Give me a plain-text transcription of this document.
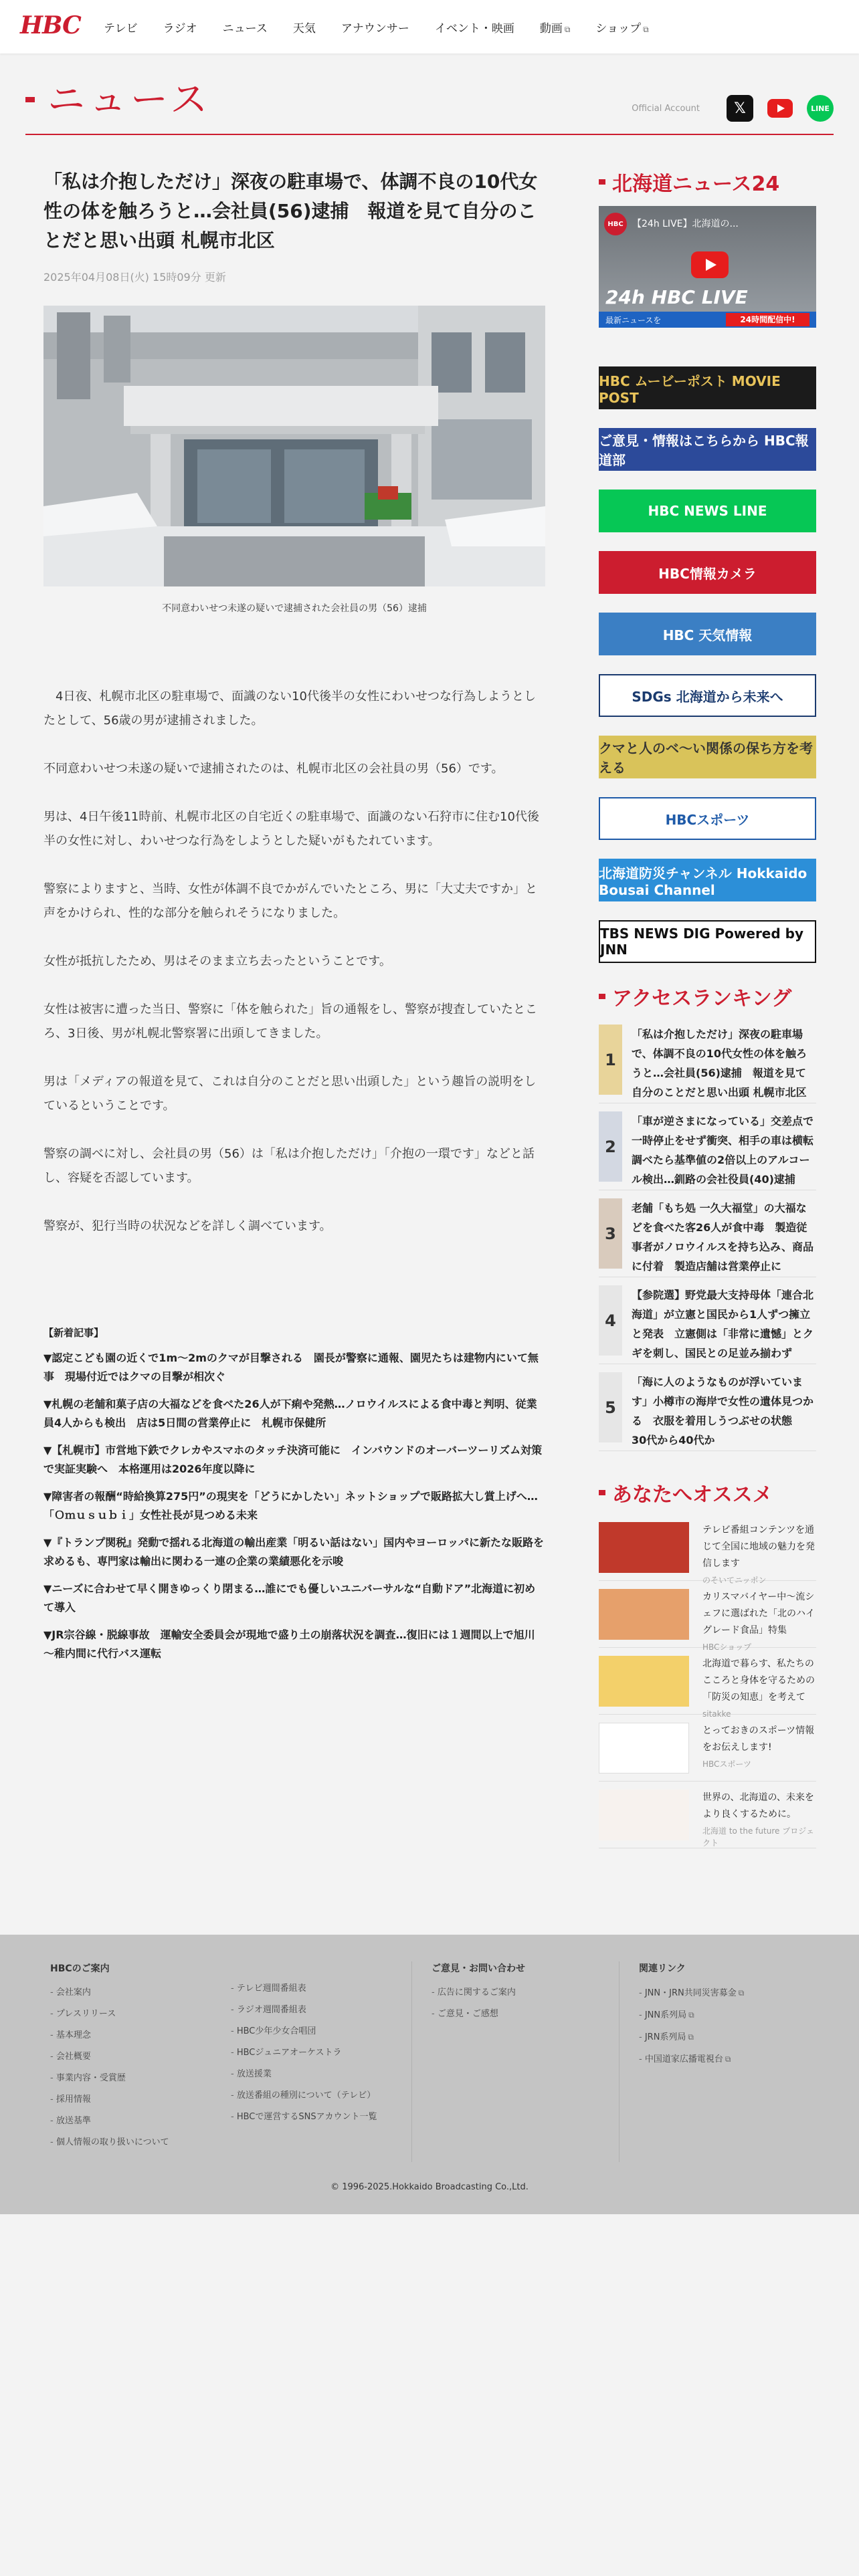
HBC テレビ ラジオ ニュース 天気 アナウンサー イベント・映画 動画 ⧉ ショップ ⧉
ニュース	Official Account	𝕏	LINE
「私は介抱しただけ」深夜の駐車場で、体調不良の10代女性の体を触ろうと…会社員(56)逮捕　報道を見て自分のことだと思い出頭 札幌市北区
2025年04月08日(火) 15時09分 更新
不同意わいせつ未遂の疑いで逮捕された会社員の男（56）逮捕

　4日夜、札幌市北区の駐車場で、面識のない10代後半の女性にわいせつな行為しようとしたとして、56歳の男が逮捕されました。

不同意わいせつ未遂の疑いで逮捕されたのは、札幌市北区の会社員の男（56）です。

男は、4日午後11時前、札幌市北区の自宅近くの駐車場で、面識のない石狩市に住む10代後半の女性に対し、わいせつな行為をしようとした疑いがもたれています。

警察によりますと、当時、女性が体調不良でかがんでいたところ、男に「大丈夫ですか」と声をかけられ、性的な部分を触られそうになりました。

女性が抵抗したため、男はそのまま立ち去ったということです。

女性は被害に遭った当日、警察に「体を触られた」旨の通報をし、警察が捜査していたところ、3日後、男が札幌北警察署に出頭してきました。

男は「メディアの報道を見て、これは自分のことだと思い出頭した」という趣旨の説明をしているということです。

警察の調べに対し、会社員の男（56）は「私は介抱しただけ」「介抱の一環です」などと話し、容疑を否認しています。

警察が、犯行当時の状況などを詳しく調べています。

【新着記事】
▼認定こども園の近くで1m～2mのクマが目撃される　園長が警察に通報、園児たちは建物内にいて無事　現場付近ではクマの目撃が相次ぐ
▼札幌の老舗和菓子店の大福などを食べた26人が下痢や発熱…ノロウイルスによる食中毒と判明、従業員4人からも検出　店は5日間の営業停止に　札幌市保健所
▼【札幌市】市営地下鉄でクレカやスマホのタッチ決済可能に　インバウンドのオーバーツーリズム対策で実証実験へ　本格運用は2026年度以降に
▼障害者の報酬“時給換算275円”の現実を「どうにかしたい」ネットショップで販路拡大し賞上げへ…「Ｏｍｕｓｕｂｉ」女性社長が見つめる未来
▼『トランプ関税』発動で揺れる北海道の輸出産業「明るい話はない」国内やヨーロッパに新たな販路を求めるも、専門家は輸出に関わる一連の企業の業績悪化を示唆
▼ニーズに合わせて早く開きゆっくり閉まる…誰にでも優しいユニバーサルな“自動ドア”北海道に初めて導入
▼JR宗谷線・脱線事故　運輸安全委員会が現地で盛り土の崩落状況を調査…復旧には１週間以上で旭川～稚内間に代行バス運転
北海道ニュース24
HBC 【24h LIVE】北海道の...
24h HBC LIVE
最新ニュースを	24時間配信中!
HBC ムービーポスト MOVIE POST
ご意見・情報はこちらから HBC報道部
HBC NEWS LINE
HBC情報カメラ
HBC 天気情報
SDGs 北海道から未来へ
クマと人のベ～い関係の保ち方を考える
HBCスポーツ
北海道防災チャンネル Hokkaido Bousai Channel
TBS NEWS DIG Powered by JNN
アクセスランキング
1
「私は介抱しただけ」深夜の駐車場で、体調不良の10代女性の体を触ろうと…会社員(56)逮捕　報道を見て自分のことだと思い出頭 札幌市北区
2
「車が逆さまになっている」交差点で一時停止をせず衝突、相手の車は横転 調べたら基準値の2倍以上のアルコール検出…釧路の会社役員(40)逮捕
3
老舗「もち処 一久大福堂」の大福などを食べた客26人が食中毒　製造従事者がノロウイルスを持ち込み、商品に付着　製造店舗は営業停止に
4
【参院選】野党最大支持母体「連合北海道」が立憲と国民から1人ずつ擁立と発表　立憲側は「非常に遺憾」とクギを刺し、国民との足並み揃わず
5
「海に人のようなものが浮いています」小樽市の海岸で女性の遺体見つかる　衣服を着用しうつぶせの状態　30代から40代か
あなたへオススメ
テレビ番組コンテンツを通じて全国に地域の魅力を発信します
のそいてニッポン
カリスマバイヤー中～流シェフに選ばれた「北のハイグレード食品」特集
HBCショップ
北海道で暮らす、私たちのこころと身体を守るための「防災の知恵」を考えて
sitakke
とっておきのスポーツ情報をお伝えします!
HBCスポーツ
世界の、北海道の、未来をより良くするために。
北海道 to the future プロジェクト
HBCのご案内
- 会社案内
- プレスリリース
- 基本理念
- 会社概要
- 事業内容・受賞歴
- 採用情報
- 放送基準
- 個人情報の取り扱いについて
- テレビ週間番組表
- ラジオ週間番組表
- HBC少年少女合唱団
- HBCジュニアオーケストラ
- 放送援業
- 放送番組の種別について（テレビ）
- HBCで運営するSNSアカウント一覧
ご意見・お問い合わせ
- 広告に関するご案内
- ご意見・ご感想
関連リンク
- JNN・JRN共同災害募金 ⧉
- JNN系列局 ⧉
- JRN系列局 ⧉
- 中国道家広播電視台 ⧉
© 1996-2025.Hokkaido Broadcasting Co.,Ltd.
